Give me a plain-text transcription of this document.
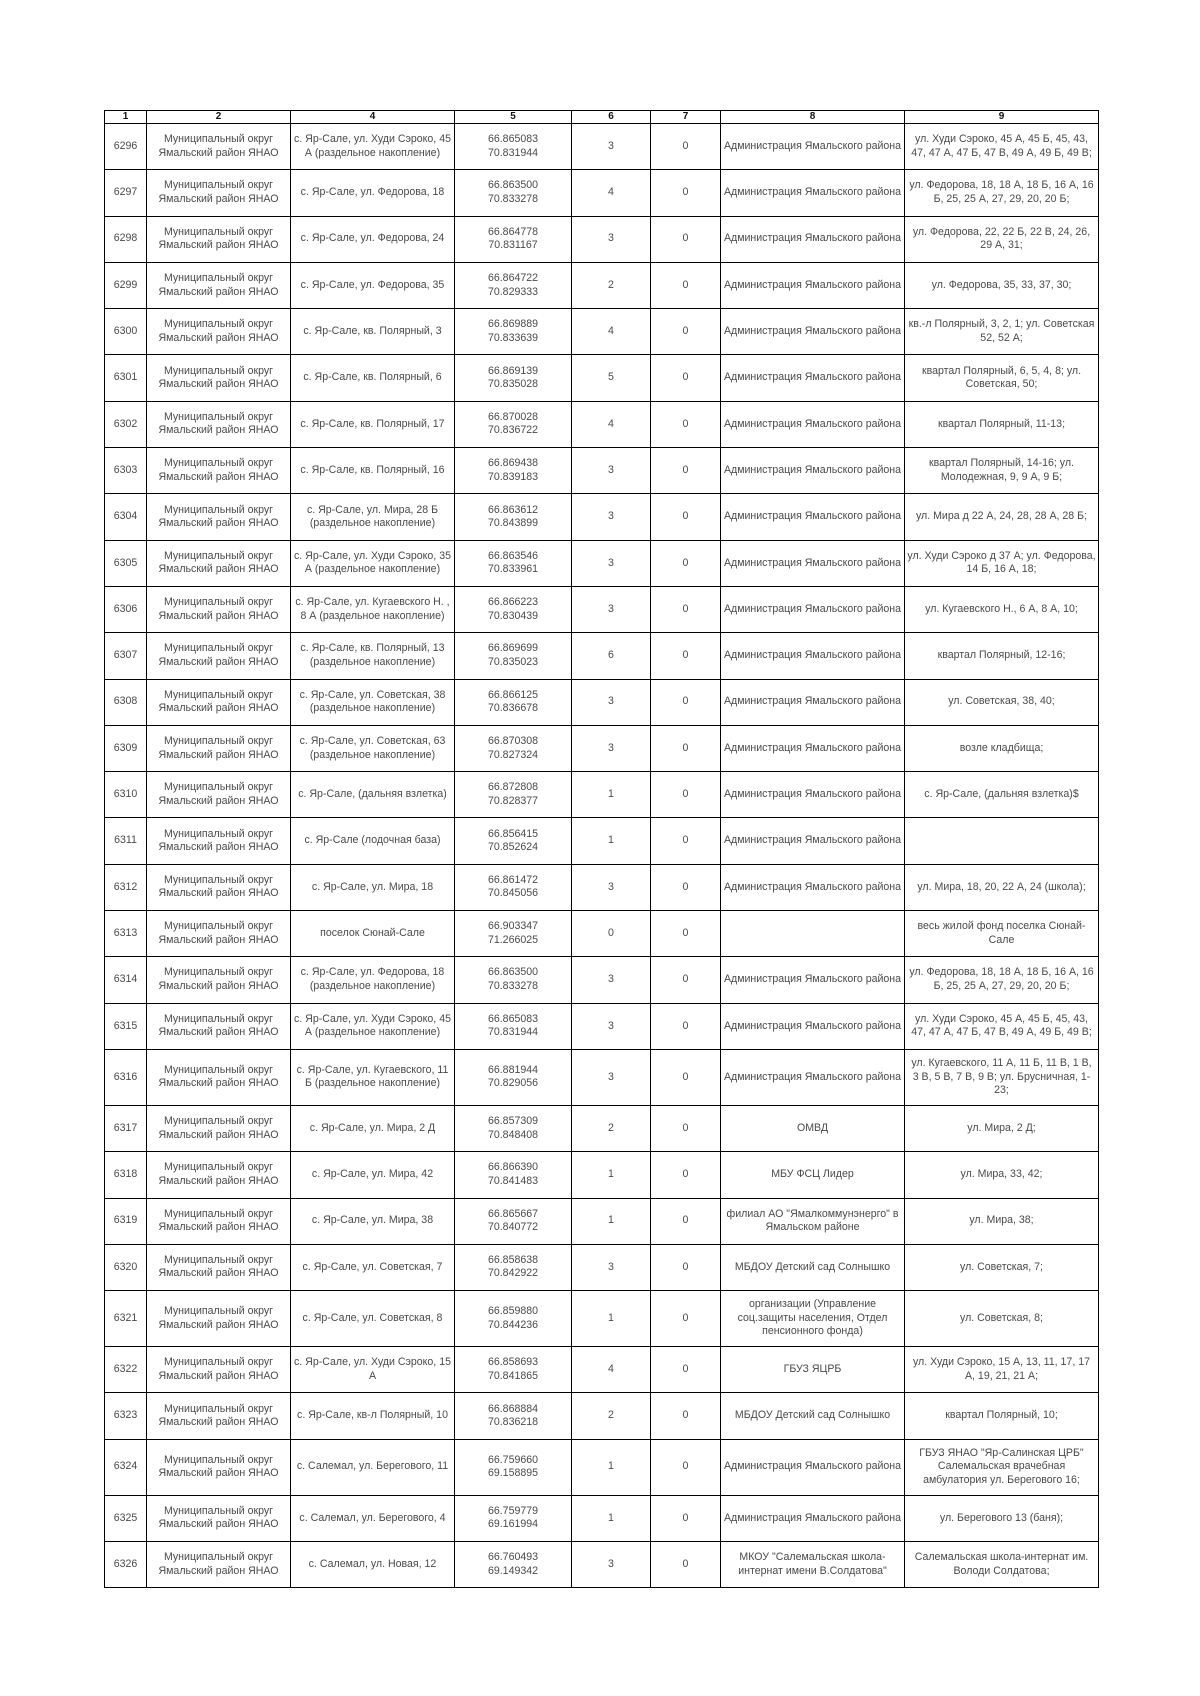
1	2	4	5	6	7	8	9
6296	Муниципальный округ Ямальский район ЯНАО	с. Яр-Сале, ул. Худи Сэроко, 45 А (раздельное накопление)	66.865083
70.831944	3	0	Администрация Ямальского района	ул. Худи Сэроко, 45 А, 45 Б, 45, 43, 47, 47 А, 47 Б, 47 В, 49 А, 49 Б, 49 В;
6297	Муниципальный округ Ямальский район ЯНАО	с. Яр-Сале, ул. Федорова, 18	66.863500
70.833278	4	0	Администрация Ямальского района	ул. Федорова, 18, 18 А, 18 Б, 16 А, 16 Б, 25, 25 А, 27, 29, 20, 20 Б;
6298	Муниципальный округ Ямальский район ЯНАО	с. Яр-Сале, ул. Федорова, 24	66.864778
70.831167	3	0	Администрация Ямальского района	ул. Федорова, 22, 22 Б, 22 В, 24, 26, 29 А, 31;
6299	Муниципальный округ Ямальский район ЯНАО	с. Яр-Сале, ул. Федорова, 35	66.864722
70.829333	2	0	Администрация Ямальского района	ул. Федорова, 35, 33, 37, 30;
6300	Муниципальный округ Ямальский район ЯНАО	с. Яр-Сале, кв. Полярный, 3	66.869889
70.833639	4	0	Администрация Ямальского района	кв.-л Полярный, 3, 2, 1; ул. Советская 52, 52 А;
6301	Муниципальный округ Ямальский район ЯНАО	с. Яр-Сале, кв. Полярный, 6	66.869139
70.835028	5	0	Администрация Ямальского района	квартал Полярный, 6, 5, 4, 8; ул. Советская, 50;
6302	Муниципальный округ Ямальский район ЯНАО	с. Яр-Сале, кв. Полярный, 17	66.870028
70.836722	4	0	Администрация Ямальского района	квартал Полярный, 11-13;
6303	Муниципальный округ Ямальский район ЯНАО	с. Яр-Сале, кв. Полярный, 16	66.869438
70.839183	3	0	Администрация Ямальского района	квартал Полярный, 14-16; ул. Молодежная, 9, 9 А, 9 Б;
6304	Муниципальный округ Ямальский район ЯНАО	с. Яр-Сале, ул. Мира, 28 Б (раздельное накопление)	66.863612
70.843899	3	0	Администрация Ямальского района	ул. Мира д 22 А, 24, 28, 28 А, 28 Б;
6305	Муниципальный округ Ямальский район ЯНАО	с. Яр-Сале, ул. Худи Сэроко, 35 А (раздельное накопление)	66.863546
70.833961	3	0	Администрация Ямальского района	ул. Худи Сэроко д 37 А; ул. Федорова, 14 Б, 16 А, 18;
6306	Муниципальный округ Ямальский район ЯНАО	с. Яр-Сале, ул. Кугаевского Н. , 8 А (раздельное накопление)	66.866223
70.830439	3	0	Администрация Ямальского района	ул. Кугаевского Н., 6 А, 8 А, 10;
6307	Муниципальный округ Ямальский район ЯНАО	с. Яр-Сале, кв. Полярный, 13 (раздельное накопление)	66.869699
70.835023	6	0	Администрация Ямальского района	квартал Полярный, 12-16;
6308	Муниципальный округ Ямальский район ЯНАО	с. Яр-Сале, ул. Советская, 38 (раздельное накопление)	66.866125
70.836678	3	0	Администрация Ямальского района	ул. Советская, 38, 40;
6309	Муниципальный округ Ямальский район ЯНАО	с. Яр-Сале, ул. Советская, 63 (раздельное накопление)	66.870308
70.827324	3	0	Администрация Ямальского района	возле кладбища;
6310	Муниципальный округ Ямальский район ЯНАО	с. Яр-Сале, (дальняя взлетка)	66.872808
70.828377	1	0	Администрация Ямальского района	с. Яр-Сале, (дальняя взлетка)$
6311	Муниципальный округ Ямальский район ЯНАО	с. Яр-Сале (лодочная база)	66.856415
70.852624	1	0	Администрация Ямальского района	
6312	Муниципальный округ Ямальский район ЯНАО	с. Яр-Сале, ул. Мира, 18	66.861472
70.845056	3	0	Администрация Ямальского района	ул. Мира, 18, 20, 22 А, 24 (школа);
6313	Муниципальный округ Ямальский район ЯНАО	поселок Сюнай-Сале	66.903347
71.266025	0	0		весь жилой фонд поселка Сюнай-Сале
6314	Муниципальный округ Ямальский район ЯНАО	с. Яр-Сале, ул. Федорова, 18 (раздельное накопление)	66.863500
70.833278	3	0	Администрация Ямальского района	ул. Федорова, 18, 18 А, 18 Б, 16 А, 16 Б, 25, 25 А, 27, 29, 20, 20 Б;
6315	Муниципальный округ Ямальский район ЯНАО	с. Яр-Сале, ул. Худи Сэроко, 45 А (раздельное накопление)	66.865083
70.831944	3	0	Администрация Ямальского района	ул. Худи Сэроко, 45 А, 45 Б, 45, 43, 47, 47 А, 47 Б, 47 В, 49 А, 49 Б, 49 В;
6316	Муниципальный округ Ямальский район ЯНАО	с. Яр-Сале, ул. Кугаевского, 11 Б (раздельное накопление)	66.881944
70.829056	3	0	Администрация Ямальского района	ул. Кугаевского, 11 А, 11 Б, 11 В, 1 В, 3 В, 5 В, 7 В, 9 В; ул. Брусничная, 1-23;
6317	Муниципальный округ Ямальский район ЯНАО	с. Яр-Сале, ул. Мира, 2 Д	66.857309
70.848408	2	0	ОМВД	ул. Мира, 2 Д;
6318	Муниципальный округ Ямальский район ЯНАО	с. Яр-Сале, ул. Мира, 42	66.866390
70.841483	1	0	МБУ ФСЦ Лидер	ул. Мира, 33, 42;
6319	Муниципальный округ Ямальский район ЯНАО	с. Яр-Сале, ул. Мира, 38	66.865667
70.840772	1	0	филиал АО "Ямалкоммунэнерго" в Ямальском районе	ул. Мира, 38;
6320	Муниципальный округ Ямальский район ЯНАО	с. Яр-Сале, ул. Советская, 7	66.858638
70.842922	3	0	МБДОУ Детский сад Солнышко	ул. Советская, 7;
6321	Муниципальный округ Ямальский район ЯНАО	с. Яр-Сале, ул. Советская, 8	66.859880
70.844236	1	0	организации (Управление соц.защиты населения, Отдел пенсионного фонда)	ул. Советская, 8;
6322	Муниципальный округ Ямальский район ЯНАО	с. Яр-Сале, ул. Худи Сэроко, 15 А	66.858693
70.841865	4	0	ГБУЗ ЯЦРБ	ул. Худи Сэроко, 15 А, 13, 11, 17, 17 А, 19, 21, 21 А;
6323	Муниципальный округ Ямальский район ЯНАО	с. Яр-Сале, кв-л Полярный, 10	66.868884
70.836218	2	0	МБДОУ Детский сад Солнышко	квартал Полярный, 10;
6324	Муниципальный округ Ямальский район ЯНАО	с. Салемал, ул. Берегового, 11	66.759660
69.158895	1	0	Администрация Ямальского района	ГБУЗ ЯНАО "Яр-Салинская ЦРБ" Салемальская врачебная амбулатория ул. Берегового 16;
6325	Муниципальный округ Ямальский район ЯНАО	с. Салемал, ул. Берегового, 4	66.759779
69.161994	1	0	Администрация Ямальского района	ул. Берегового 13 (баня);
6326	Муниципальный округ Ямальский район ЯНАО	с. Салемал, ул. Новая, 12	66.760493
69.149342	3	0	МКОУ "Салемальская школа-интернат имени В.Солдатова"	Салемальская школа-интернат им. Володи Солдатова;
